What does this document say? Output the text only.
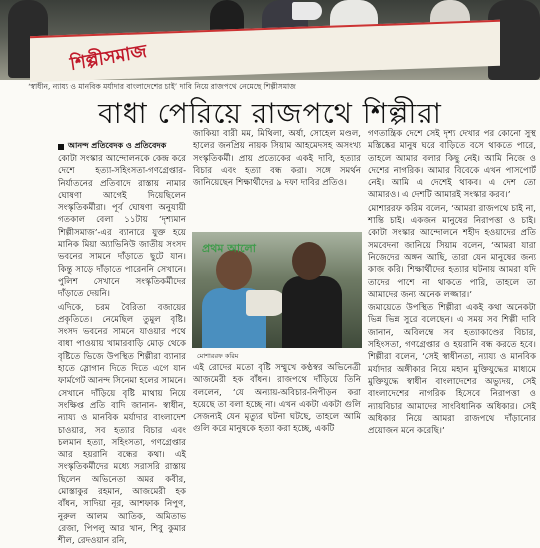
শিল্পীসমাজ
‘স্বাধীন, ন্যায্য ও মানবিক মর্যাদার বাংলাদেশের চাই’ দাবি নিয়ে রাজপথে নেমেছে শিল্পীসমাজ
বাধা পেরিয়ে রাজপথে শিল্পীরা
আনন্দ প্রতিবেদক ও প্রতিবেদক

কোটা সংস্কার আন্দোলনকে কেন্দ্র করে দেশে হত্যা-সহিংসতা-গণগ্রেপ্তার-নির্যাতনের প্রতিবাদে রাস্তায় নামার ঘোষণা আগেই দিয়েছিলেন সংস্কৃতিকর্মীরা। পূর্ব ঘোষণা অনুযায়ী গতকাল বেলা ১১টায় ‘দৃশ্যমান শিল্পীসমাজ’-এর ব্যানারে যুক্ত হয়ে মানিক মিয়া অ্যাভিনিউ জাতীয় সংসদ ভবনের সামনে দাঁড়াতে ছুটে যান। কিন্তু সাড়ে দাঁড়াতে পারেননি সেখানে। পুলিশ সেখানে সংস্কৃতিকর্মীদের দাঁড়াতে দেয়নি।

এদিকে, চরম বৈরিতা বজায়ের প্রকৃতিতে। নেমেছিল তুমুল বৃষ্টি। সংসদ ভবনের সামনে যাওয়ার পথে বাধা পাওয়ায় খামারবাড়ি মোড় থেকে বৃষ্টিতে ভিজে উপস্থিত শিল্পীরা ব্যানার হাতে স্লোগান দিতে দিতে এগে যান ফার্মগেট আনন্দ সিনেমা হলের সামনে। সেখানে দাঁড়িয়ে বৃষ্টি মাথায় নিয়ে সংক্ষিপ্ত প্রতি বাদি জানান- স্বাধীন, ন্যায্য ও মানবিক মর্যাদার বাংলাদেশ চাওয়ার, সব হত্যার বিচার এবং চলমান হত্যা, সহিংসতা, গণগ্রেপ্তার আর হয়রানি বন্ধের কথা। এই সংস্কৃতিকর্মীদের মধ্যে সরাসরি রাস্তায় ছিলেন অভিনেতা অমর কবীর, মোস্তাকুর রহমান, আজমেরী হক বাঁধন, সাদিয়া নূর, আশফাক নিপুণ, নুরুল আলম আতিক, অমিতাভ রেজা, পিপলু আর খান, শিবু কুমার শীল, রেদওয়ান রনি,

জাকিয়া বারী মম, মিথিলা, অর্ষা, সোহেল মণ্ডল, হালের জনপ্রিয় নায়ক সিয়াম আহমেদসহ অসংখ্য সংস্কৃতিকর্মী। প্রায় প্রত্যেকের একই দাবি, হত্যার বিচার এবং হত্যা বন্ধ করা। সঙ্গে সমর্থন জানিয়েছেন শিক্ষার্থীদের ৯ দফা দাবির প্রতিও।

প্রথম আলো
মোশাররফ করিম

এই রোদের মতো বৃষ্টি সম্মুখে কণ্ঠস্বর অভিনেত্রী আজমেরী হক বাঁধন। রাজপথে দাঁড়িয়ে তিনি বললেন, ‘যে অন্যায়-অবিচার-নিপীড়ন করা হয়েছে তা বলা হচ্ছে না। এখন একটা একটা গুলি সেজন্যই যেন মৃত্যুর ঘটনা ঘটছে, তাহলে আমি গুলি করে মানুষকে হত্যা করা হচ্ছে, একটি

গণতান্ত্রিক দেশে সেই দৃশ্য দেখার পর কোনো সুস্থ মস্তিষ্কের মানুষ ঘরে বাড়িতে বসে থাকতে পারে, তাহলে আমার বলার কিছু নেই। আমি নিজে ও দেশের নাগরিক। আমার বিবেকে এখন পাসপোর্ট নেই। আমি এ দেশেই থাকব। এ দেশ তো আমারও। এ দেশটি আমারই সংস্কার করব।’

মোশাররফ করিম বলেন, ‘আমরা রাজপথে চাই না, শান্তি চাই। একজন মানুষের নিরাপত্তা ও চাই। কোটা সংস্কার আন্দোলনে শহীদ হওয়াদের প্রতি সমবেদনা জানিয়ে সিয়াম বলেন, ‘আমরা যারা নিজেদের অঙ্গন আছি, তারা যেন মানুষের জন্য কাজ করি। শিক্ষার্থীদের হত্যার ঘটনায় আমরা যদি তাদের পাশে না থাকতে পারি, তাহলে তা আমাদের জন্য অনেক লজ্জার।’

জমায়েতে উপস্থিত শিল্পীরা একই কথা অনেকটা ভিন্ন ভিন্ন সুরে বলেছেন। এ সময় সব শিল্পী দাবি জানান, অবিলম্বে সব হত্যাকাণ্ডের বিচার, সহিংসতা, গণগ্রেপ্তার ও হয়রানি বন্ধ করতে হবে। শিল্পীরা বলেন, ‘সেই স্বাধীনতা, ন্যায্য ও মানবিক মর্যাদার অঙ্গীকার নিয়ে মহান মুক্তিযুদ্ধের মাধ্যমে মুক্তিযুদ্ধে স্বাধীন বাংলাদেশের অভ্যুদয়, সেই বাংলাদেশের নাগরিক হিসেবে নিরাপত্তা ও ন্যায়বিচার আমাদের সাংবিধানিক অধিকার। সেই অধিকার নিয়ে আমরা রাজপথে দাঁড়ানোর প্রয়োজন মনে করেছি।’
